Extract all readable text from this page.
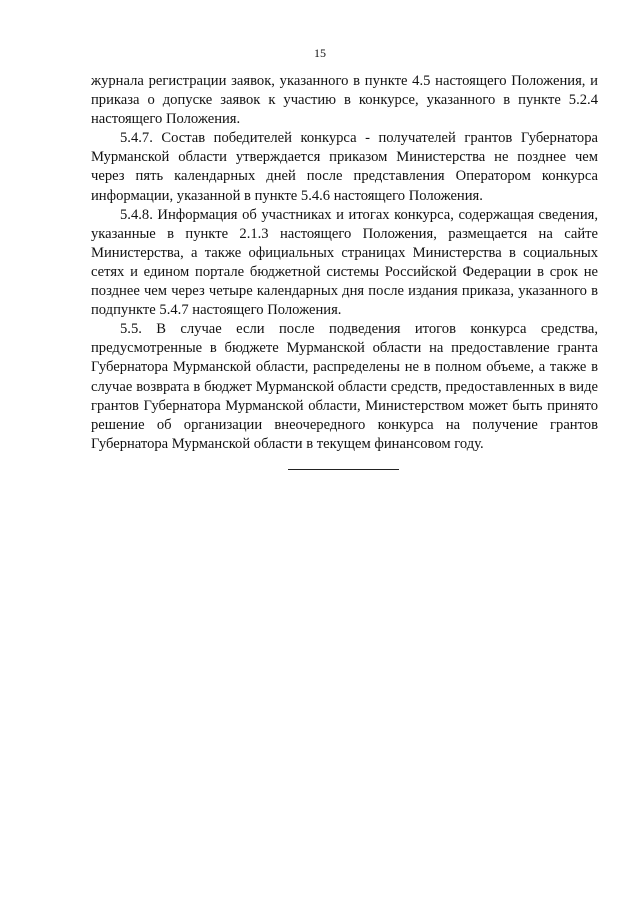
15

журнала регистрации заявок, указанного в пункте 4.5 настоящего Положения, и приказа о допуске заявок к участию в конкурсе, указанного в пункте 5.2.4 настоящего Положения.

5.4.7. Состав победителей конкурса - получателей грантов Губернатора Мурманской области утверждается приказом Министерства не позднее чем через пять календарных дней после представления Оператором конкурса информации, указанной в пункте 5.4.6 настоящего Положения.

5.4.8. Информация об участниках и итогах конкурса, содержащая сведения, указанные в пункте 2.1.3 настоящего Положения, размещается на сайте Министерства, а также официальных страницах Министерства в социальных сетях и едином портале бюджетной системы Российской Федерации в срок не позднее чем через четыре календарных дня после издания приказа, указанного в подпункте 5.4.7 настоящего Положения.

5.5. В случае если после подведения итогов конкурса средства, предусмотренные в бюджете Мурманской области на предоставление гранта Губернатора Мурманской области, распределены не в полном объеме, а также в случае возврата в бюджет Мурманской области средств, предоставленных в виде грантов Губернатора Мурманской области, Министерством может быть принято решение об организации внеочередного конкурса на получение грантов Губернатора Мурманской области в текущем финансовом году.
